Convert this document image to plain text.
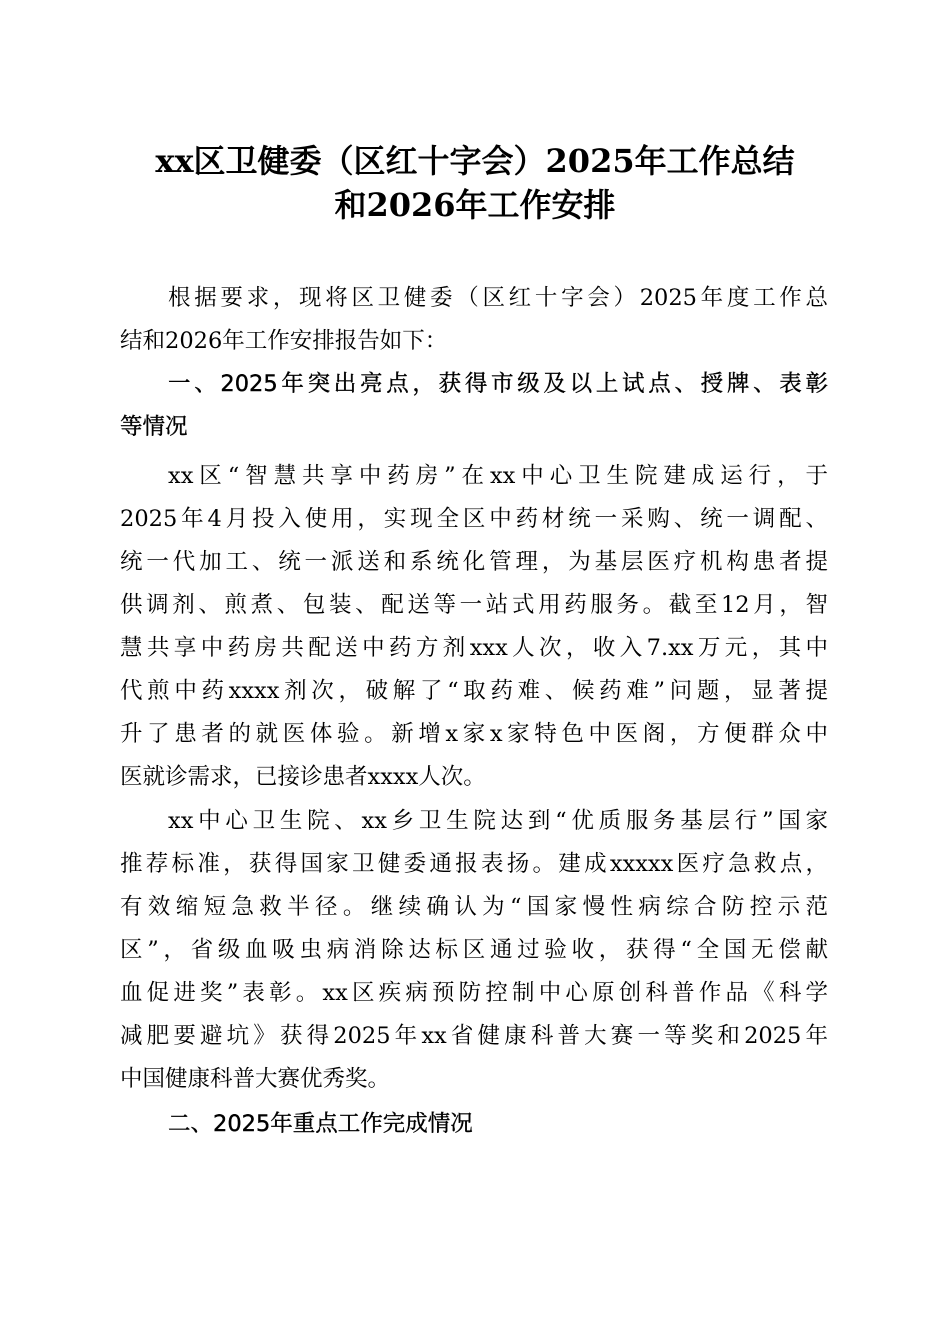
xx区卫健委（区红十字会）2025年工作总结
和2026年工作安排
根据要求，现将区卫健委（区红十字会）2025年度工作总
结和2026年工作安排报告如下：
一、2025年突出亮点，获得市级及以上试点、授牌、表彰
等情况
xx区“智慧共享中药房”在xx中心卫生院建成运行，于
2025年4月投入使用，实现全区中药材统一采购、统一调配、
统一代加工、统一派送和系统化管理，为基层医疗机构患者提
供调剂、煎煮、包装、配送等一站式用药服务。截至12月，智
慧共享中药房共配送中药方剂xxx人次，收入7.xx万元，其中
代煎中药xxxx剂次，破解了“取药难、候药难”问题，显著提
升了患者的就医体验。新增x家x家特色中医阁，方便群众中
医就诊需求，已接诊患者xxxx人次。
xx中心卫生院、xx乡卫生院达到“优质服务基层行”国家
推荐标准，获得国家卫健委通报表扬。建成xxxxx医疗急救点，
有效缩短急救半径。继续确认为“国家慢性病综合防控示范
区”，省级血吸虫病消除达标区通过验收，获得“全国无偿献
血促进奖”表彰。xx区疾病预防控制中心原创科普作品《科学
减肥要避坑》获得2025年xx省健康科普大赛一等奖和2025年
中国健康科普大赛优秀奖。
二、2025年重点工作完成情况
